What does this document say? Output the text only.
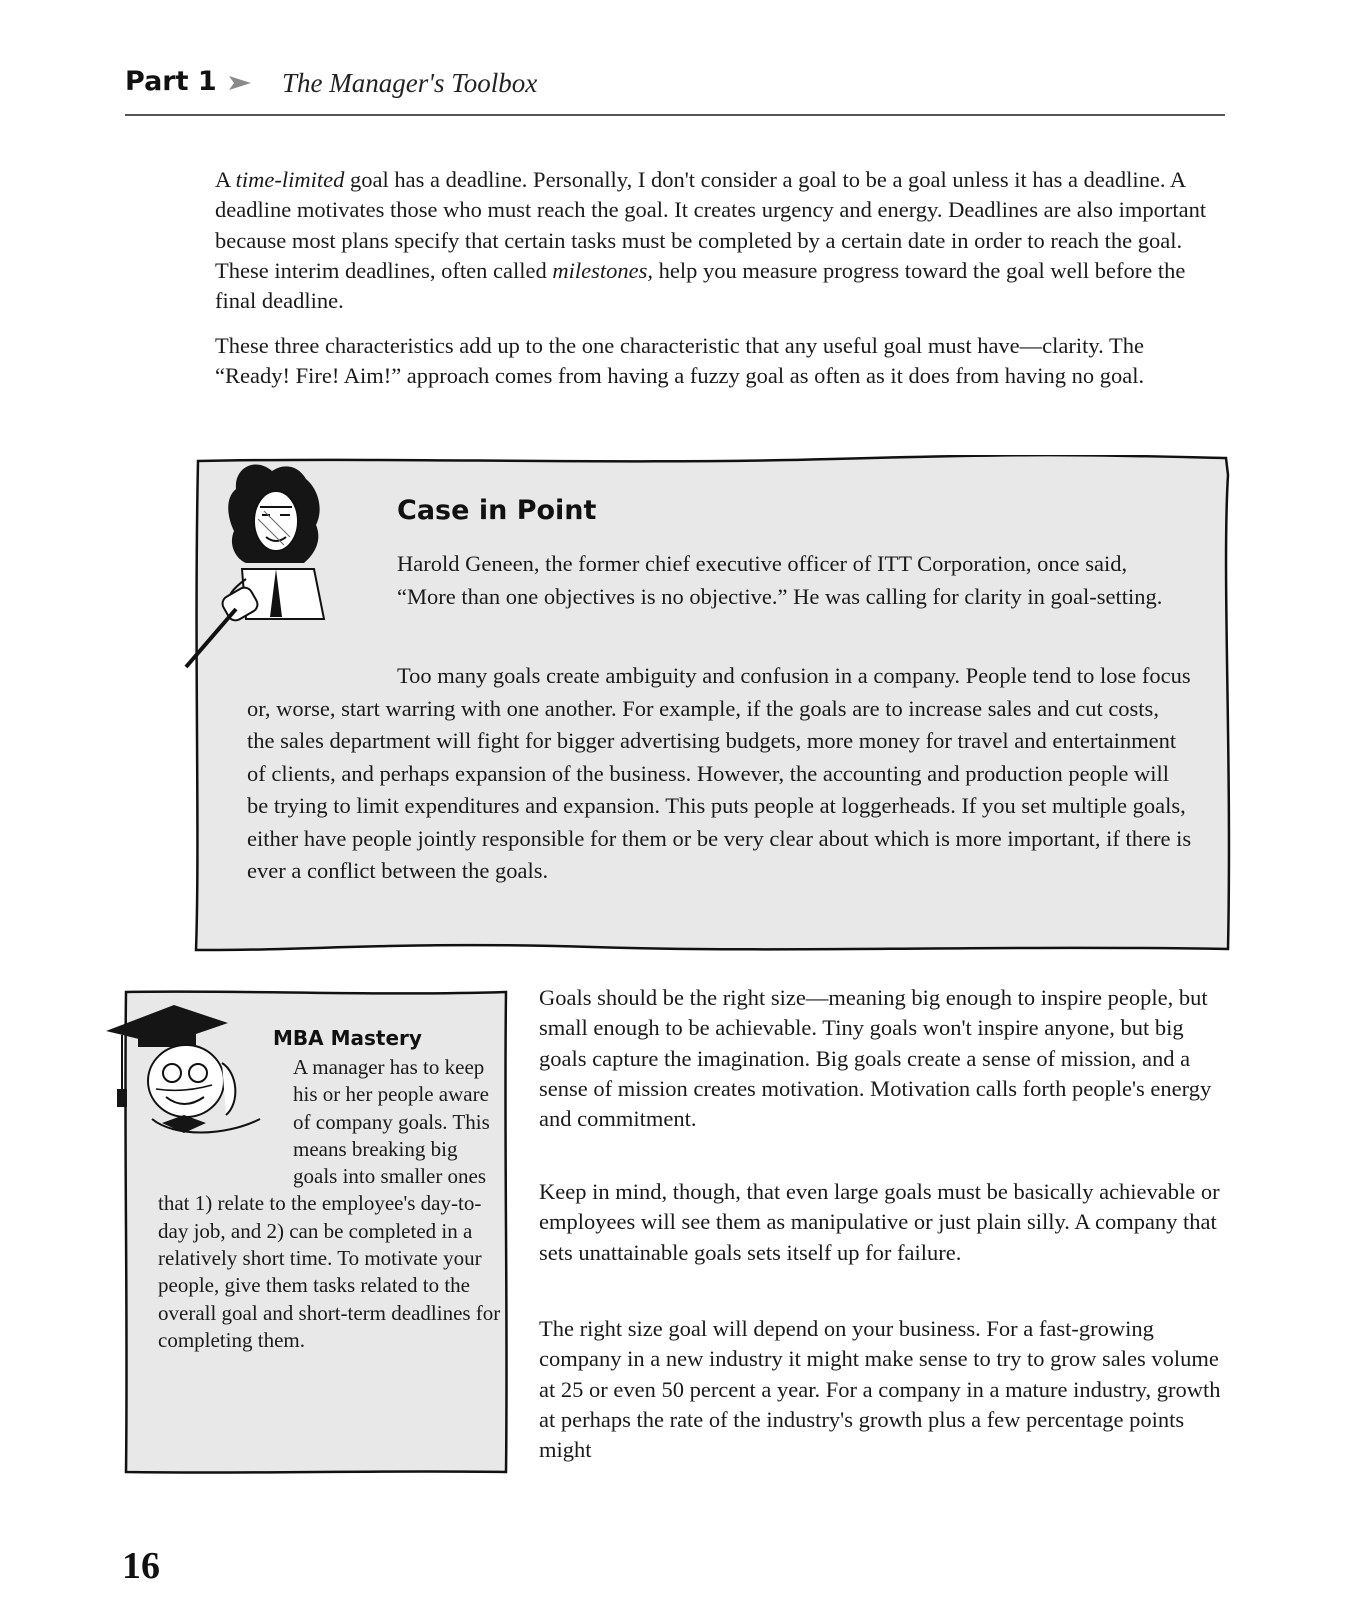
Part 1 The Manager's Toolbox

A time-limited goal has a deadline. Personally, I don't consider a goal to be a goal unless it has a deadline. A deadline motivates those who must reach the goal. It creates urgency and energy. Deadlines are also important because most plans specify that certain tasks must be completed by a certain date in order to reach the goal. These interim deadlines, often called milestones, help you measure progress toward the goal well before the final deadline.

These three characteristics add up to the one characteristic that any useful goal must have—clarity. The “Ready! Fire! Aim!” approach comes from having a fuzzy goal as often as it does from having no goal.

Case in Point

Harold Geneen, the former chief executive officer of ITT Corporation, once said, “More than one objectives is no objective.” He was calling for clarity in goal-setting.

Too many goals create ambiguity and confusion in a company. People tend to lose focus or, worse, start warring with one another. For example, if the goals are to increase sales and cut costs, the sales department will fight for bigger advertising budgets, more money for travel and entertainment of clients, and perhaps expansion of the business. However, the accounting and production people will be trying to limit expenditures and expansion. This puts people at loggerheads. If you set multiple goals, either have people jointly responsible for them or be very clear about which is more important, if there is ever a conflict between the goals.

MBA Mastery

A manager has to keep his or her people aware of company goals. This means breaking big goals into smaller ones that 1) relate to the employee's day-to-day job, and 2) can be completed in a relatively short time. To motivate your people, give them tasks related to the overall goal and short-term deadlines for completing them.

Goals should be the right size—meaning big enough to inspire people, but small enough to be achievable. Tiny goals won't inspire anyone, but big goals capture the imagination. Big goals create a sense of mission, and a sense of mission creates motivation. Motivation calls forth people's energy and commitment.

Keep in mind, though, that even large goals must be basically achievable or employees will see them as manipulative or just plain silly. A company that sets unattainable goals sets itself up for failure.

The right size goal will depend on your business. For a fast-growing company in a new industry it might make sense to try to grow sales volume at 25 or even 50 percent a year. For a company in a mature industry, growth at perhaps the rate of the industry's growth plus a few percentage points might

16
